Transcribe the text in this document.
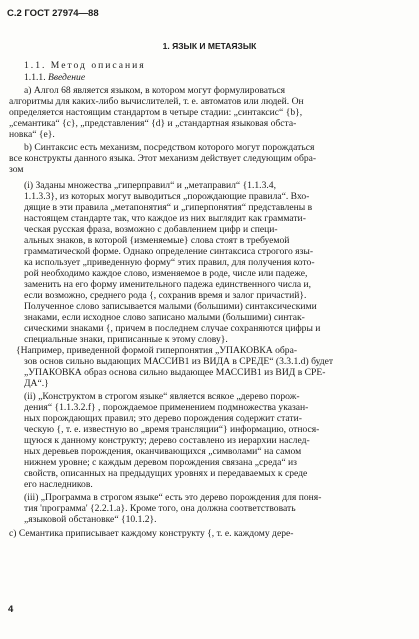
С.2 ГОСТ 27974—88
1. ЯЗЫК И МЕТАЯЗЫК
1.1. Метод описания
1.1.1. Введение
a) Алгол 68 является языком, в котором могут формулироваться
алгоритмы для каких-либо вычислителей, т. е. автоматов или людей. Он
определяется настоящим стандартом в четыре стадии: „синтаксис“ {b},
„семантика“ {c}, „представления“ {d} и „стандартная языковая обста-
новка“ {е}.
b) Синтаксис есть механизм, посредством которого могут порождаться
все конструкты данного языка. Этот механизм действует следующим обра-
зом
(i) Заданы множества „гиперправил“ и „метаправил“ {1.1.3.4,
1.1.3.3}, из которых могут выводиться „порождающие правила“. Вхо-
дящие в эти правила „метапонятия“ и „гиперпонятия“ представлены в
настоящем стандарте так, что каждое из них выглядит как граммати-
ческая русская фраза, возможно с добавлением цифр и специ-
альных знаков, в которой {изменяемые} слова стоят в требуемой
грамматической форме. Однако определение синтаксиса строгого язы-
ка использует „приведенную форму“ этих правил, для получения кото-
рой необходимо каждое слово, изменяемое в роде, числе или падеже,
заменить на его форму именительного падежа единственного числа и,
если возможно, среднего рода {, сохранив время и залог причастий}.
Полученное слово записывается малыми (большими) синтаксическими
знаками, если исходное слово записано малыми (большими) синтак-
сическими знаками {, причем в последнем случае сохраняются цифры и
специальные знаки, приписанные к этому слову}.
{Например, приведенной формой гиперпонятия „УПАКОВКА обра-
зов основ сильно выдающих МАССИВ1 из ВИДА в СРЕДЕ“ (3.3.1.d) будет
„УПАКОВКА образ основа сильно выдающее МАССИВ1 из ВИД в СРЕ-
ДА“.}
(ii) „Конструктом в строгом языке“ является всякое „дерево порож-
дения“ {1.1.3.2.f} , порождаемое применением подмножества указан-
ных порождающих правил; это дерево порождения содержит стати-
ческую {, т. е. известную во „время трансляции“} информацию, относя-
щуюся к данному конструкту; дерево составлено из иерархии наслед-
ных деревьев порождения, оканчивающихся „символами“ на самом
нижнем уровне; с каждым деревом порождения связана „среда“ из
свойств, описанных на предыдущих уровнях и передаваемых к среде
его наследников.
(iii) „Программа в строгом языке“ есть это дерево порождения для поня-
тия 'программа' {2.2.1.a}. Кроме того, она должна соответствовать
„языковой обстановке“ {10.1.2}.
c) Семантика приписывает каждому конструкту {, т. е. каждому дере-
4
